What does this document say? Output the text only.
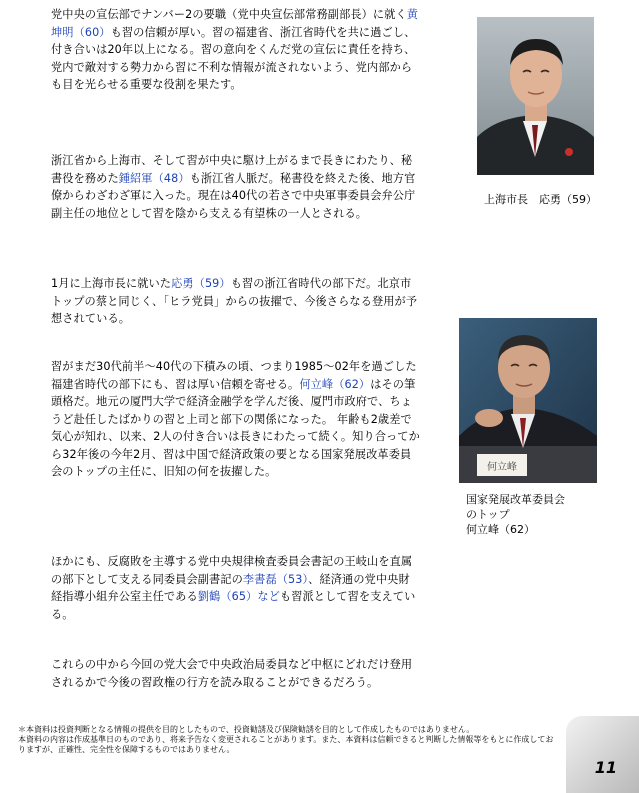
党中央の宣伝部でナンバー2の要職（党中央宣伝部常務副部長）に就く黄坤明（60）も習の信頼が厚い。習の福建省、浙江省時代を共に過ごし、付き合いは20年以上になる。習の意向をくんだ党の宣伝に責任を持ち、党内で敵対する勢力から習に不利な情報が流されないよう、党内部からも目を光らせる重要な役割を果たす。

浙江省から上海市、そして習が中央に駆け上がるまで長きにわたり、秘書役を務めた鍾紹軍（48）も浙江省人脈だ。秘書役を終えた後、地方官僚からわざわざ軍に入った。現在は40代の若さで中央軍事委員会弁公庁副主任の地位として習を陰から支える有望株の一人とされる。

1月に上海市長に就いた応勇（59）も習の浙江省時代の部下だ。北京市トップの蔡と同じく、「ヒラ党員」からの抜擢で、今後さらなる登用が予想されている。

習がまだ30代前半～40代の下積みの頃、つまり1985～02年を過ごした福建省時代の部下にも、習は厚い信頼を寄せる。何立峰（62）はその筆頭格だ。地元の厦門大学で経済金融学を学んだ後、厦門市政府で、ちょうど赴任したばかりの習と上司と部下の関係になった。 年齢も2歳差で気心が知れ、以来、2人の付き合いは長きにわたって続く。知り合ってから32年後の今年2月、習は中国で経済政策の要となる国家発展改革委員会のトップの主任に、旧知の何を抜擢した。

ほかにも、反腐敗を主導する党中央規律検査委員会書記の王岐山を直属の部下として支える同委員会副書記の李書磊（53）、経済通の党中央財経指導小組弁公室主任である劉鶴（65）なども習派として習を支えている。

これらの中から今回の党大会で中央政治局委員など中枢にどれだけ登用されるかで今後の習政権の行方を読み取ることができるだろう。

上海市長　応勇（59）
何立峰
国家発展改革委員会
のトップ
何立峰（62）

＊本資料は投資判断となる情報の提供を目的としたもので、投資勧誘及び保険勧誘を目的として作成したものではありません。

本資料の内容は作成基準日のものであり、将来予告なく変更されることがあります。また、本資料は信頼できると判断した情報等をもとに作成しておりますが、正確性、完全性を保障するものではありません。

11
